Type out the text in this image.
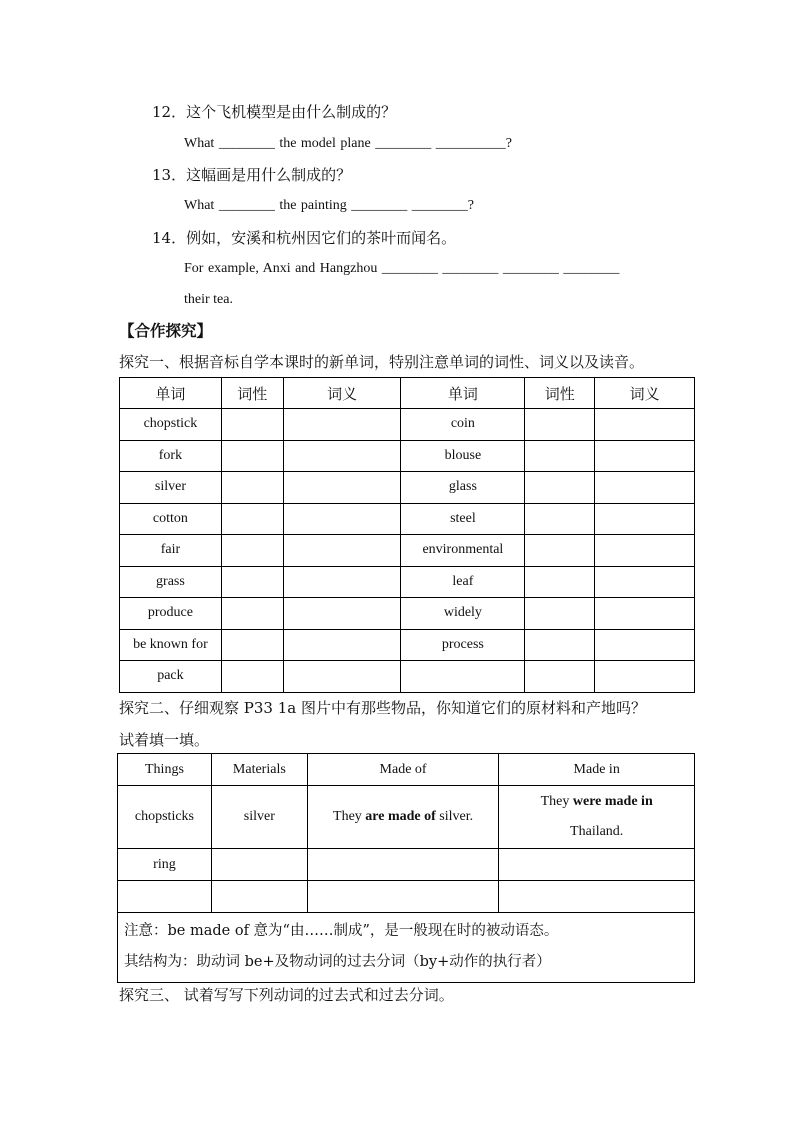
12．这个飞机模型是由什么制成的？
What ________ the model plane ________ __________?
13．这幅画是用什么制成的？
What ________ the painting ________ ________?
14．例如，安溪和杭州因它们的茶叶而闻名。
For example, Anxi and Hangzhou ________ ________ ________ ________
their tea.
【合作探究】
探究一、根据音标自学本课时的新单词，特别注意单词的词性、词义以及读音。
单词	词性	词义	单词	词性	词义
chopstick			coin		
fork			blouse		
silver			glass		
cotton			steel		
fair			environmental		
grass			leaf		
produce			widely		
be known for			process		
pack					
探究二、仔细观察 P33 1a 图片中有那些物品，你知道它们的原材料和产地吗？
试着填一填。
Things	Materials	Made of	Made in
chopsticks	silver	They are made of silver.	They were made in
Thailand.
ring			

注意：be made of 意为“由……制成”，是一般现在时的被动语态。
其结构为：助动词 be+及物动词的过去分词（by+动作的执行者）
探究三、 试着写写下列动词的过去式和过去分词。
